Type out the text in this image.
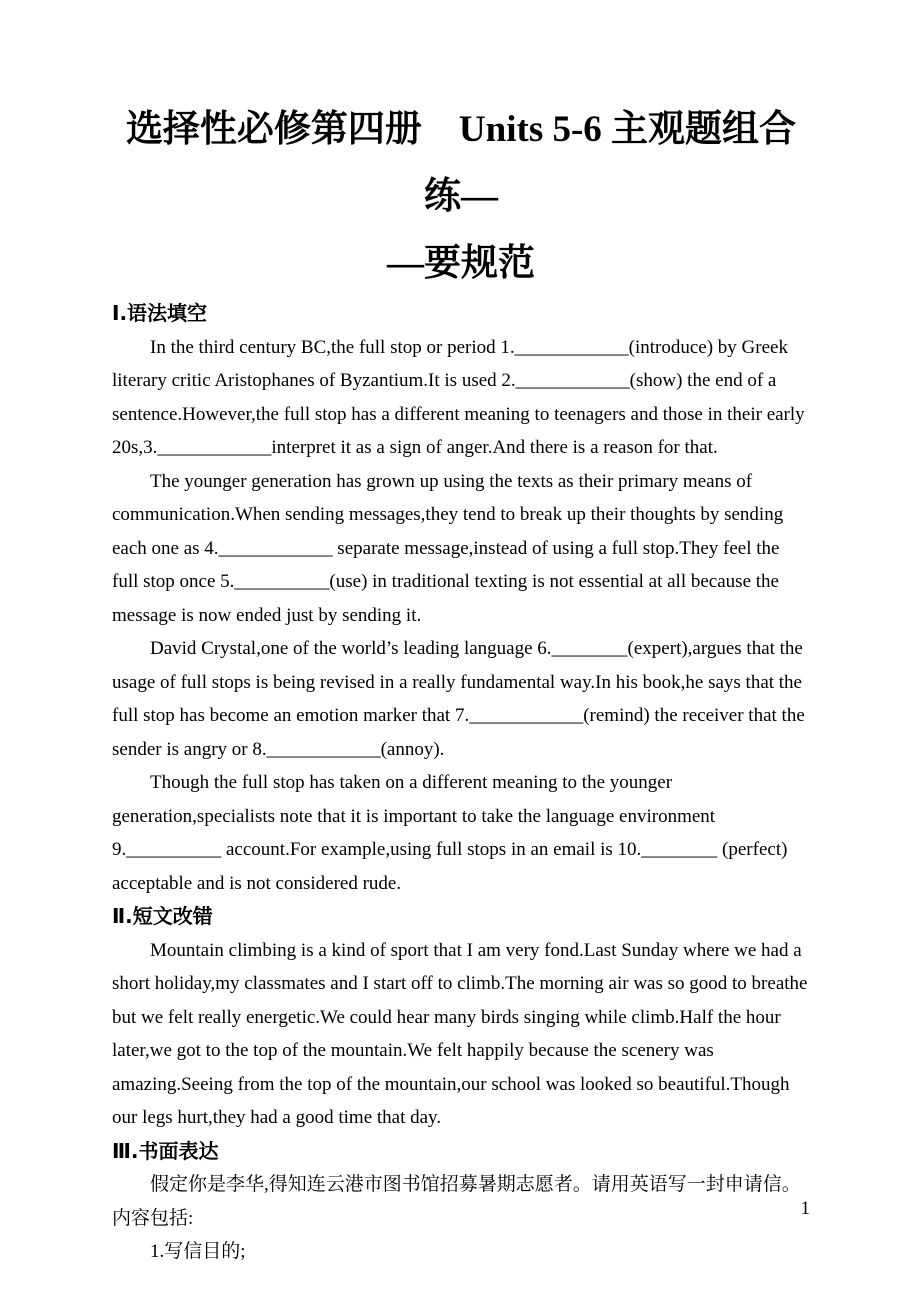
选择性必修第四册　Units 5-6 主观题组合练—
—要规范
Ⅰ.语法填空

In the third century BC,the full stop or period 1.____________(introduce) by Greek literary critic Aristophanes of Byzantium.It is used 2.____________(show) the end of a sentence.However,the full stop has a different meaning to teenagers and those in their early 20s,3.____________interpret it as a sign of anger.And there is a reason for that.

The younger generation has grown up using the texts as their primary means of communication.When sending messages,they tend to break up their thoughts by sending each one as 4.____________ separate message,instead of using a full stop.They feel the full stop once 5.__________(use) in traditional texting is not essential at all because the message is now ended just by sending it.

David Crystal,one of the world’s leading language 6.________(expert),argues that the usage of full stops is being revised in a really fundamental way.In his book,he says that the full stop has become an emotion marker that 7.____________(remind) the receiver that the sender is angry or 8.____________(annoy).

Though the full stop has taken on a different meaning to the younger generation,specialists note that it is important to take the language environment 9.__________ account.For example,using full stops in an email is 10.________ (perfect) acceptable and is not considered rude.

Ⅱ.短文改错

Mountain climbing is a kind of sport that I am very fond.Last Sunday where we had a short holiday,my classmates and I start off to climb.The morning air was so good to breathe but we felt really energetic.We could hear many birds singing while climb.Half the hour later,we got to the top of the mountain.We felt happily because the scenery was amazing.Seeing from the top of the mountain,our school was looked so beautiful.Though our legs hurt,they had a good time that day.

Ⅲ.书面表达

假定你是李华,得知连云港市图书馆招募暑期志愿者。请用英语写一封申请信。内容包括:

1.写信目的;

1
